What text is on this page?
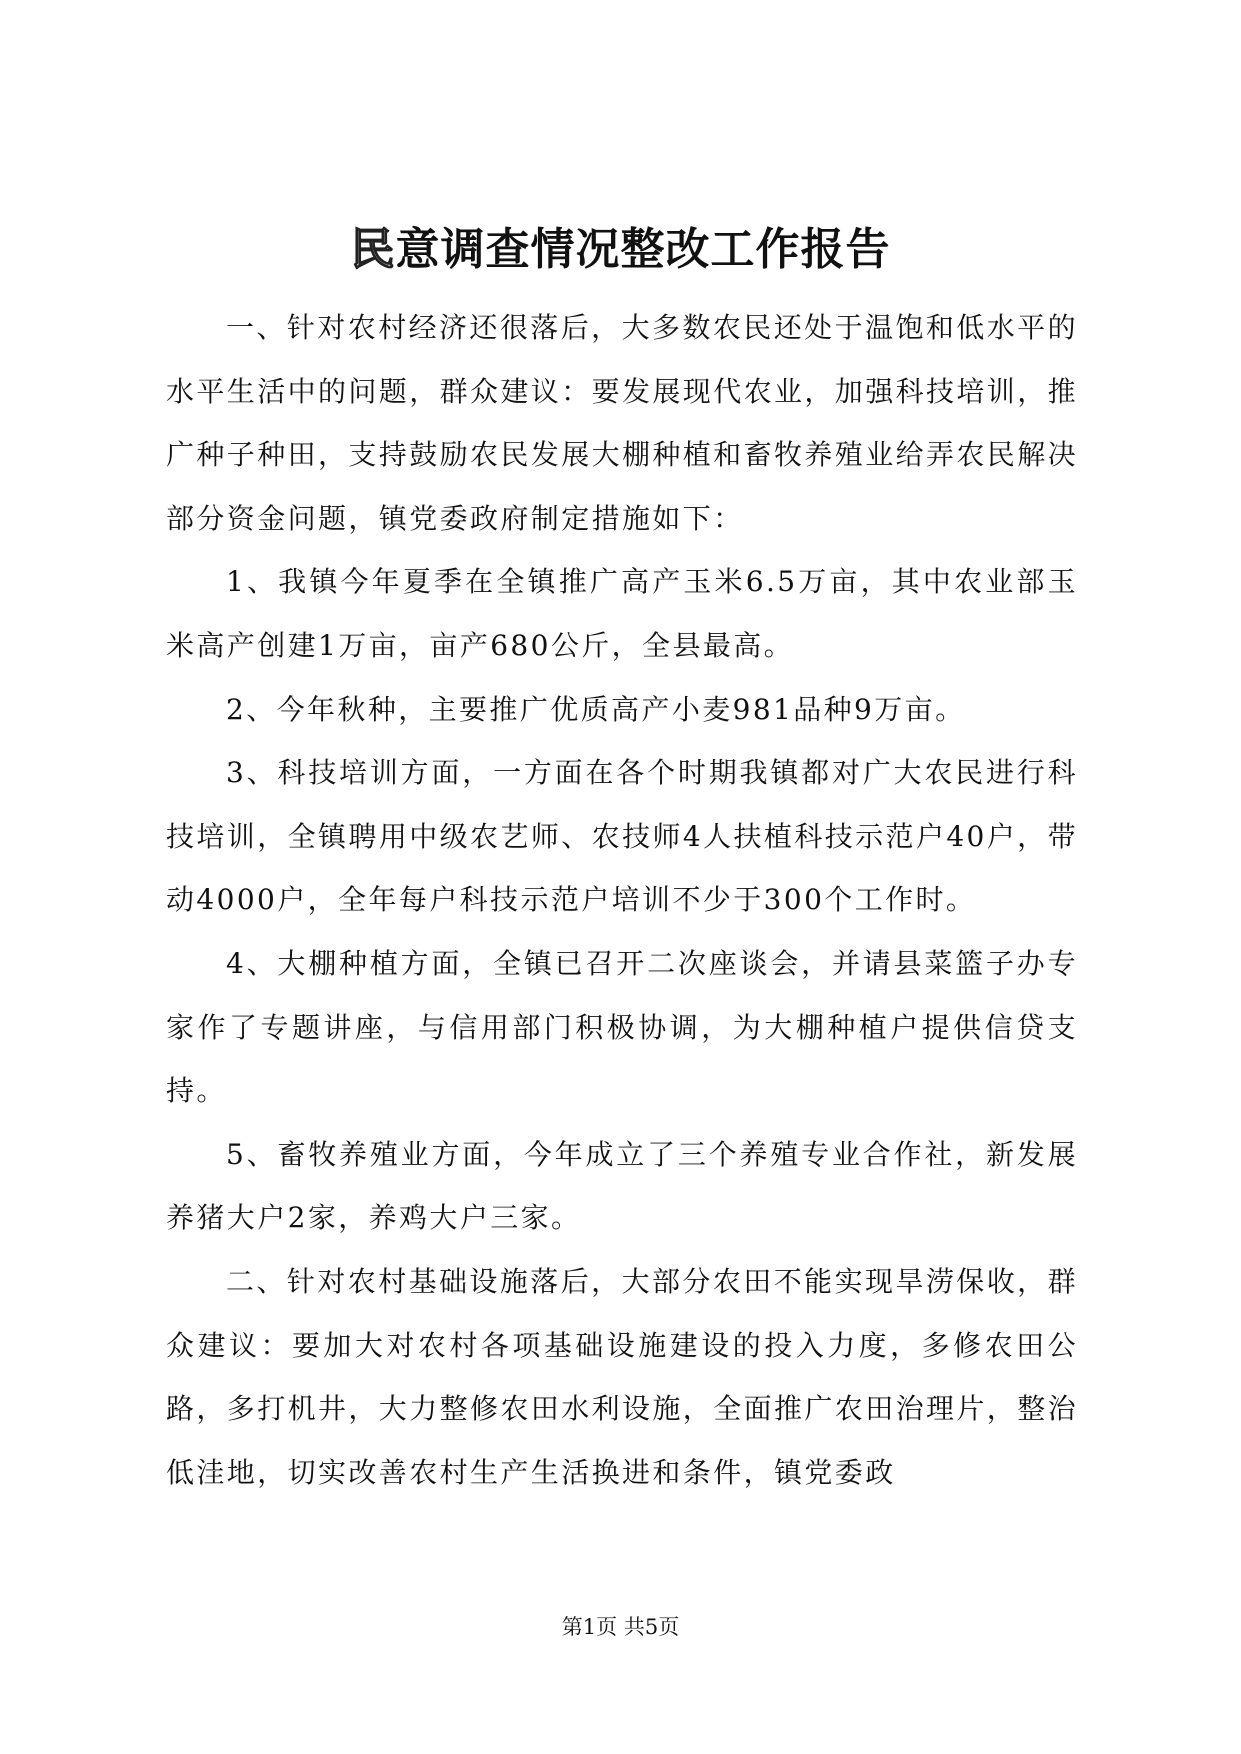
民意调查情况整改工作报告

一、针对农村经济还很落后，大多数农民还处于温饱和低水平的水平生活中的问题，群众建议：要发展现代农业，加强科技培训，推广种子种田，支持鼓励农民发展大棚种植和畜牧养殖业给弄农民解决部分资金问题，镇党委政府制定措施如下：

1、我镇今年夏季在全镇推广高产玉米6.5万亩，其中农业部玉米高产创建1万亩，亩产680公斤，全县最高。

2、今年秋种，主要推广优质高产小麦981品种9万亩。

3、科技培训方面，一方面在各个时期我镇都对广大农民进行科技培训，全镇聘用中级农艺师、农技师4人扶植科技示范户40户，带动4000户，全年每户科技示范户培训不少于300个工作时。

4、大棚种植方面，全镇已召开二次座谈会，并请县菜篮子办专家作了专题讲座，与信用部门积极协调，为大棚种植户提供信贷支持。

5、畜牧养殖业方面，今年成立了三个养殖专业合作社，新发展养猪大户2家，养鸡大户三家。

二、针对农村基础设施落后，大部分农田不能实现旱涝保收，群众建议：要加大对农村各项基础设施建设的投入力度，多修农田公路，多打机井，大力整修农田水利设施，全面推广农田治理片，整治低洼地，切实改善农村生产生活换进和条件，镇党委政

第1页 共5页
